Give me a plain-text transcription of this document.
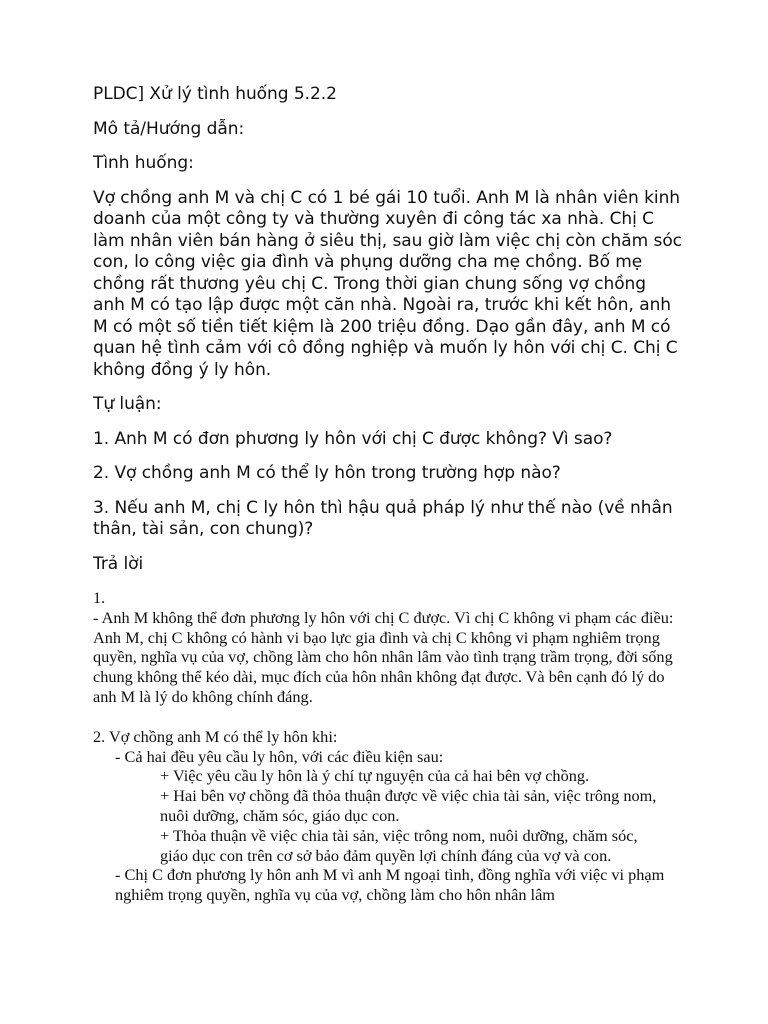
PLDC] Xử lý tình huống 5.2.2

Mô tả/Hướng dẫn:

Tình huống:

Vợ chồng anh M và chị C có 1 bé gái 10 tuổi. Anh M là nhân viên kinh doanh của một công ty và thường xuyên đi công tác xa nhà. Chị C làm nhân viên bán hàng ở siêu thị, sau giờ làm việc chị còn chăm sóc con, lo công việc gia đình và phụng dưỡng cha mẹ chồng. Bố mẹ chồng rất thương yêu chị C. Trong thời gian chung sống vợ chồng anh M có tạo lập được một căn nhà. Ngoài ra, trước khi kết hôn, anh M có một số tiền tiết kiệm là 200 triệu đồng. Dạo gần đây, anh M có quan hệ tình cảm với cô đồng nghiệp và muốn ly hôn với chị C. Chị C không đồng ý ly hôn.

Tự luận:

1. Anh M có đơn phương ly hôn với chị C được không? Vì sao?

2. Vợ chồng anh M có thể ly hôn trong trường hợp nào?

3. Nếu anh M, chị C ly hôn thì hậu quả pháp lý như thế nào (về nhân thân, tài sản, con chung)?

Trả lời

1.

- Anh M không thể đơn phương ly hôn với chị C được. Vì chị C không vi phạm các điều: Anh M, chị C không có hành vi bạo lực gia đình và chị C không vi phạm nghiêm trọng quyền, nghĩa vụ của vợ, chồng làm cho hôn nhân lâm vào tình trạng trầm trọng, đời sống chung không thể kéo dài, mục đích của hôn nhân không đạt được. Và bên cạnh đó lý do anh M là lý do không chính đáng.

2. Vợ chồng anh M có thể ly hôn khi:

- Cả hai đều yêu cầu ly hôn, với các điều kiện sau:

+ Việc yêu cầu ly hôn là ý chí tự nguyện của cả hai bên vợ chồng.

+ Hai bên vợ chồng đã thỏa thuận được về việc chia tài sản, việc trông nom, nuôi dưỡng, chăm sóc, giáo dục con.

+ Thỏa thuận về việc chia tài sản, việc trông nom, nuôi dưỡng, chăm sóc, giáo dục con trên cơ sở bảo đảm quyền lợi chính đáng của vợ và con.

- Chị C đơn phương ly hôn anh M vì anh M ngoại tình, đồng nghĩa với việc vi phạm nghiêm trọng quyền, nghĩa vụ của vợ, chồng làm cho hôn nhân lâm
